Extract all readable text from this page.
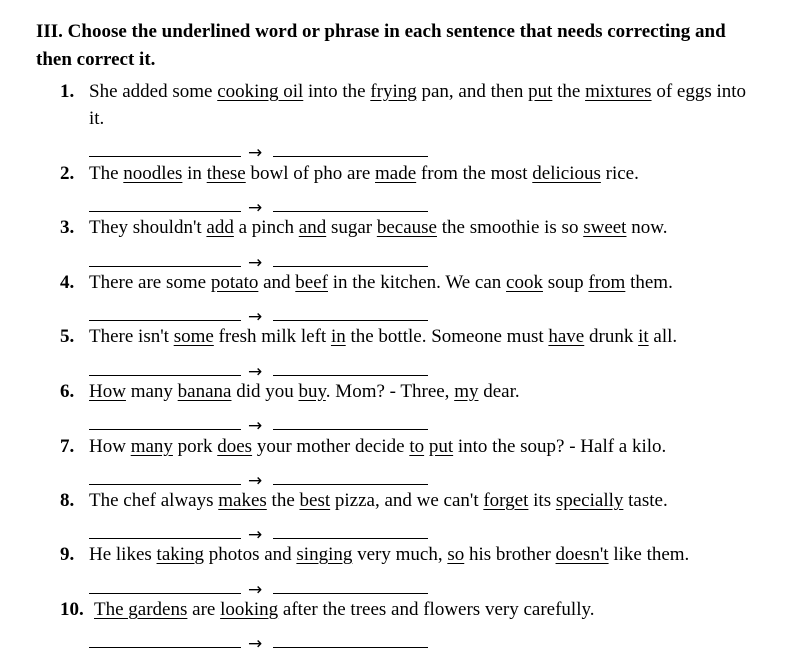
III. Choose the underlined word or phrase in each sentence that needs correcting and then correct it.

1. She added some cooking oil into the frying pan, and then put the mixtures of eggs into it.
→
2. The noodles in these bowl of pho are made from the most delicious rice.
→
3. They shouldn't add a pinch and sugar because the smoothie is so sweet now.
→
4. There are some potato and beef in the kitchen. We can cook soup from them.
→
5. There isn't some fresh milk left in the bottle. Someone must have drunk it all.
→
6. How many banana did you buy. Mom? - Three, my dear.
→
7. How many pork does your mother decide to put into the soup? - Half a kilo.
→
8. The chef always makes the best pizza, and we can't forget its specially taste.
→
9. He likes taking photos and singing very much, so his brother doesn't like them.
→
10. The gardens are looking after the trees and flowers very carefully.
→
